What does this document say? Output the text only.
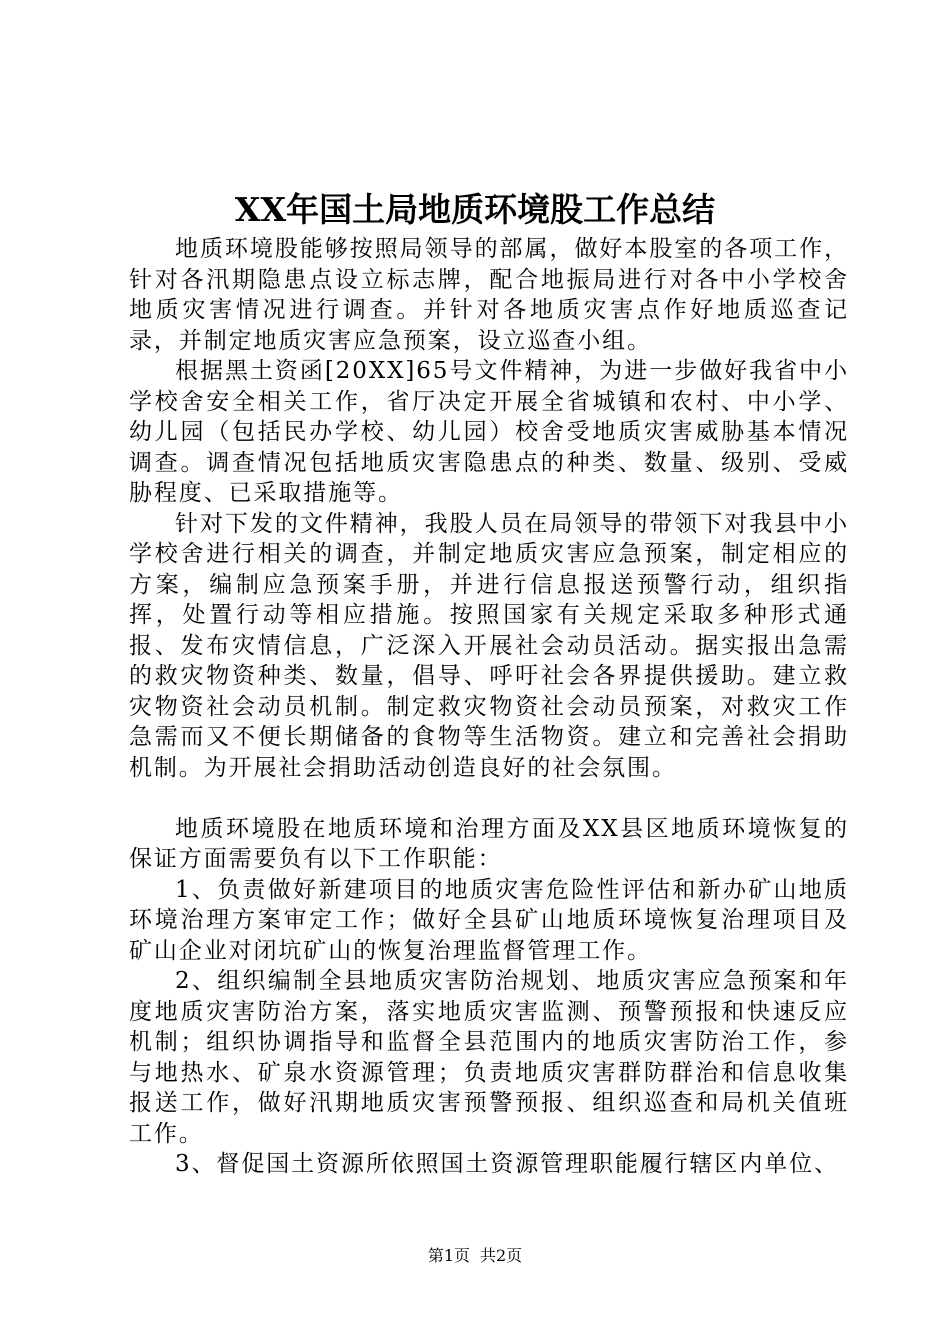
XX年国土局地质环境股工作总结

地质环境股能够按照局领导的部属，做好本股室的各项工作，针对各汛期隐患点设立标志牌，配合地振局进行对各中小学校舍地质灾害情况进行调查。并针对各地质灾害点作好地质巡查记录，并制定地质灾害应急预案，设立巡查小组。

根据黑土资函[20XX]65号文件精神，为进一步做好我省中小学校舍安全相关工作，省厅决定开展全省城镇和农村、中小学、幼儿园（包括民办学校、幼儿园）校舍受地质灾害威胁基本情况调查。调查情况包括地质灾害隐患点的种类、数量、级别、受威胁程度、已采取措施等。

针对下发的文件精神，我股人员在局领导的带领下对我县中小学校舍进行相关的调查，并制定地质灾害应急预案，制定相应的方案，编制应急预案手册，并进行信息报送预警行动，组织指挥，处置行动等相应措施。按照国家有关规定采取多种形式通报、发布灾情信息，广泛深入开展社会动员活动。据实报出急需的救灾物资种类、数量，倡导、呼吁社会各界提供援助。建立救灾物资社会动员机制。制定救灾物资社会动员预案，对救灾工作急需而又不便长期储备的食物等生活物资。建立和完善社会捐助机制。为开展社会捐助活动创造良好的社会氛围。

地质环境股在地质环境和治理方面及XX县区地质环境恢复的保证方面需要负有以下工作职能：

1、负责做好新建项目的地质灾害危险性评估和新办矿山地质环境治理方案审定工作；做好全县矿山地质环境恢复治理项目及矿山企业对闭坑矿山的恢复治理监督管理工作。

2、组织编制全县地质灾害防治规划、地质灾害应急预案和年度地质灾害防治方案，落实地质灾害监测、预警预报和快速反应机制；组织协调指导和监督全县范围内的地质灾害防治工作，参与地热水、矿泉水资源管理；负责地质灾害群防群治和信息收集报送工作，做好汛期地质灾害预警预报、组织巡查和局机关值班工作。

3、督促国土资源所依照国土资源管理职能履行辖区内单位、

第1页 共2页
